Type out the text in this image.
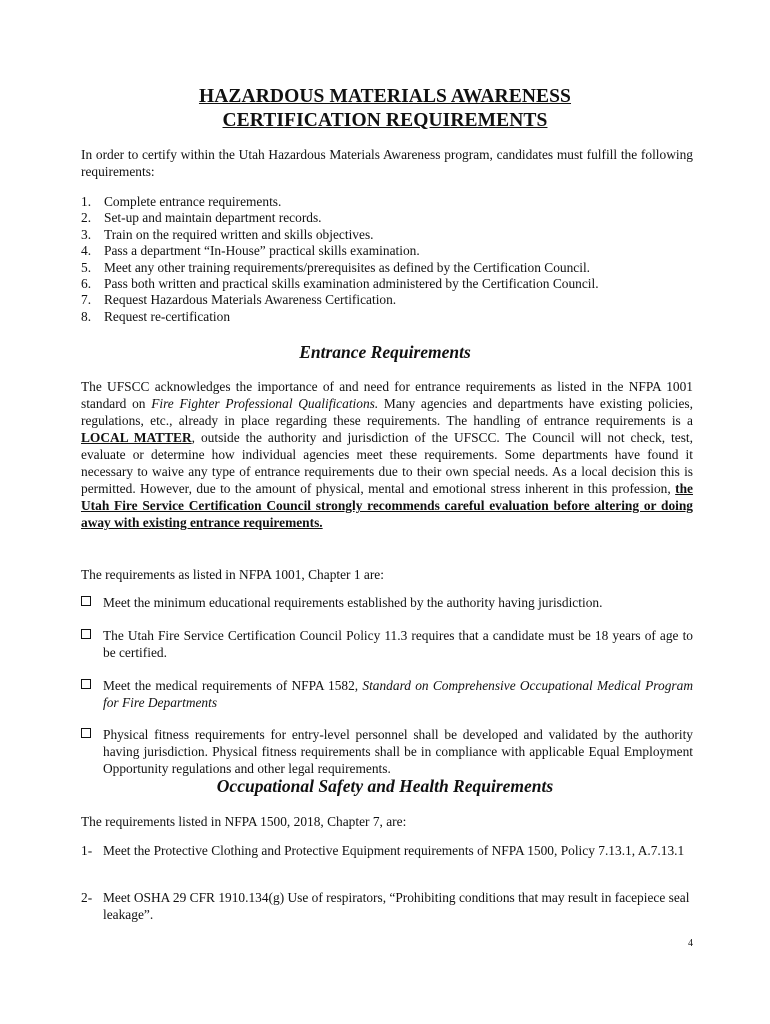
HAZARDOUS MATERIALS AWARENESS
CERTIFICATION REQUIREMENTS
In order to certify within the Utah Hazardous Materials Awareness program, candidates must fulfill the following requirements:
1. Complete entrance requirements.
2. Set-up and maintain department records.
3. Train on the required written and skills objectives.
4. Pass a department “In-House” practical skills examination.
5. Meet any other training requirements/prerequisites as defined by the Certification Council.
6. Pass both written and practical skills examination administered by the Certification Council.
7. Request Hazardous Materials Awareness Certification.
8. Request re-certification
Entrance Requirements
The UFSCC acknowledges the importance of and need for entrance requirements as listed in the NFPA 1001 standard on Fire Fighter Professional Qualifications. Many agencies and departments have existing policies, regulations, etc., already in place regarding these requirements. The handling of entrance requirements is a LOCAL MATTER, outside the authority and jurisdiction of the UFSCC. The Council will not check, test, evaluate or determine how individual agencies meet these requirements. Some departments have found it necessary to waive any type of entrance requirements due to their own special needs. As a local decision this is permitted. However, due to the amount of physical, mental and emotional stress inherent in this profession, the Utah Fire Service Certification Council strongly recommends careful evaluation before altering or doing away with existing entrance requirements.
The requirements as listed in NFPA 1001, Chapter 1 are:
Meet the minimum educational requirements established by the authority having jurisdiction.
The Utah Fire Service Certification Council Policy 11.3 requires that a candidate must be 18 years of age to be certified.
Meet the medical requirements of NFPA 1582, Standard on Comprehensive Occupational Medical Program for Fire Departments
Physical fitness requirements for entry-level personnel shall be developed and validated by the authority having jurisdiction. Physical fitness requirements shall be in compliance with applicable Equal Employment Opportunity regulations and other legal requirements.
Occupational Safety and Health Requirements
The requirements listed in NFPA 1500, 2018, Chapter 7, are:
1- Meet the Protective Clothing and Protective Equipment requirements of NFPA 1500, Policy 7.13.1, A.7.13.1
2- Meet OSHA 29 CFR 1910.134(g) Use of respirators, “Prohibiting conditions that may result in facepiece seal leakage”.
4
